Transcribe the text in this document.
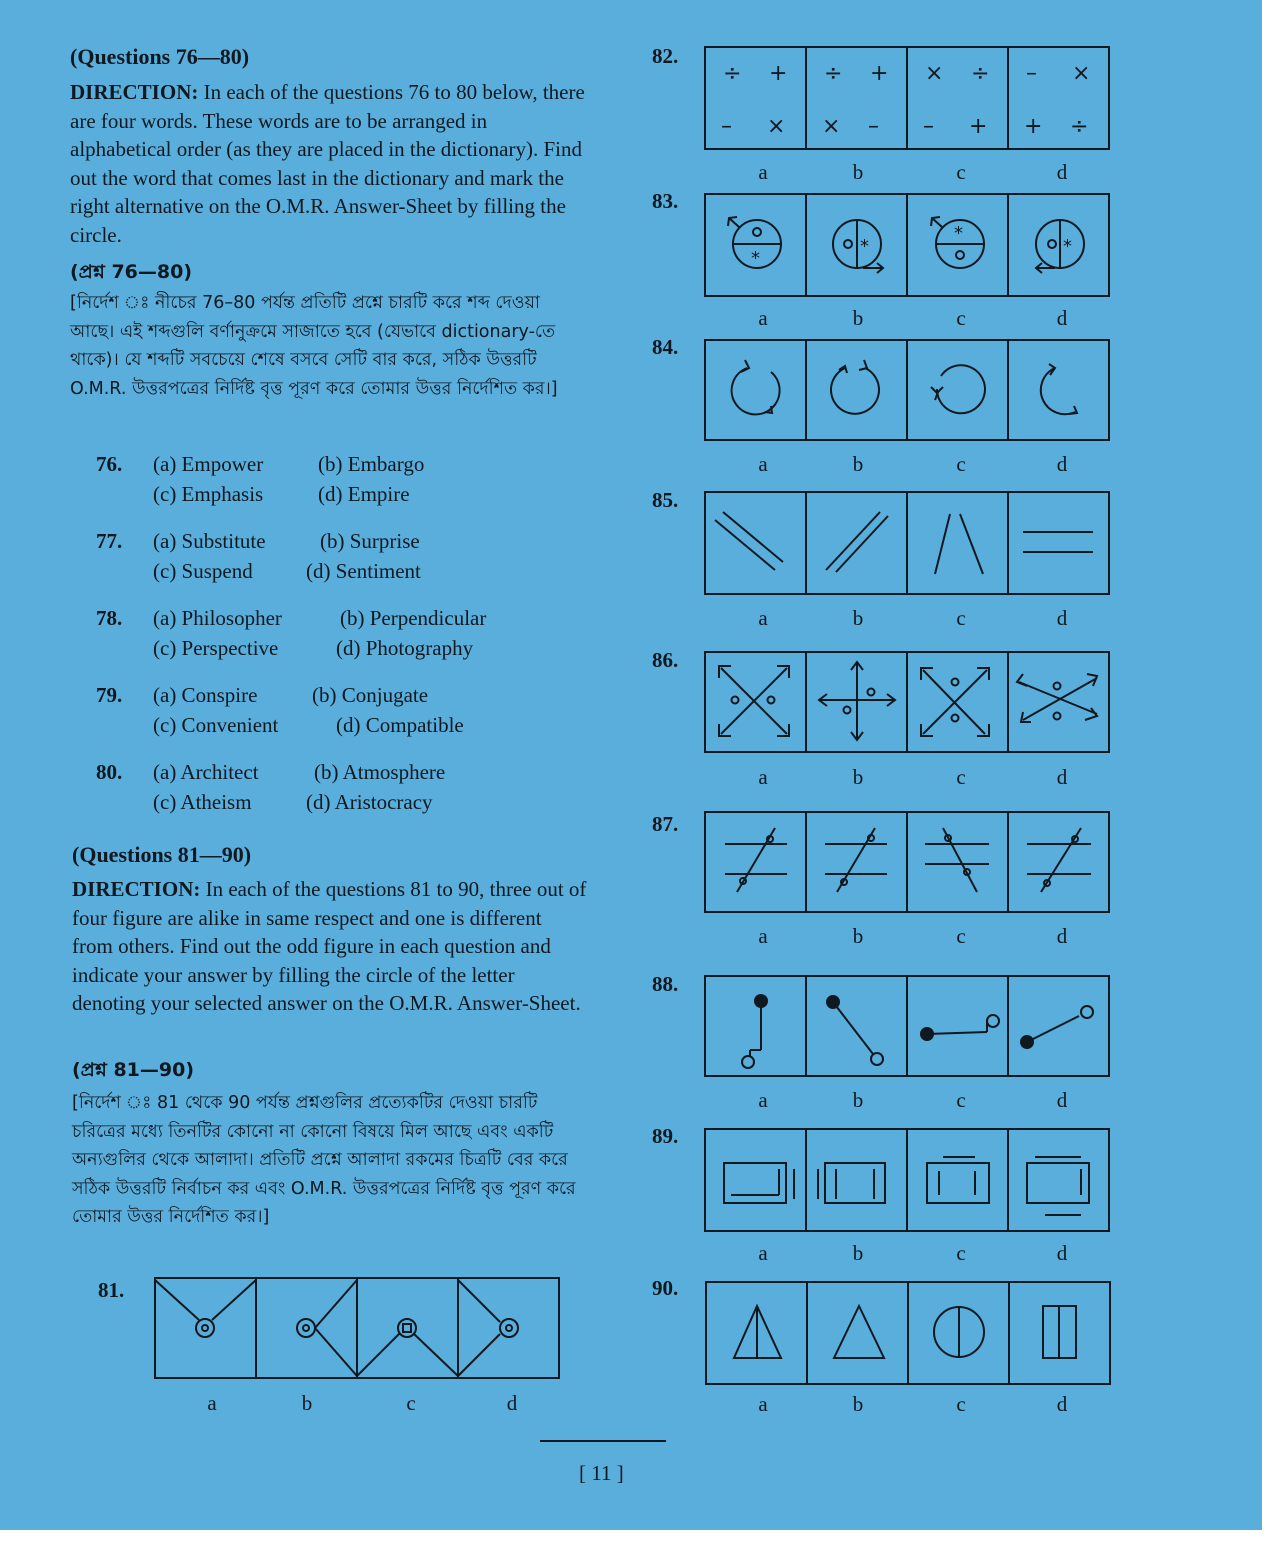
(Questions 76—80)

DIRECTION: In each of the questions 76 to 80 below, there are four words. These words are to be arranged in alphabetical order (as they are placed in the dictionary). Find out the word that comes last in the dictionary and mark the right alternative on the O.M.R. Answer-Sheet by filling the circle.

(প্রশ্ন 76—80)

[নির্দেশ ঃ নীচের 76–80 পর্যন্ত প্রতিটি প্রশ্নে চারটি করে শব্দ দেওয়া আছে। এই শব্দগুলি বর্ণানুক্রমে সাজাতে হবে (যেভাবে dictionary-তে থাকে)। যে শব্দটি সবচেয়ে শেষে বসবে সেটি বার করে, সঠিক উত্তরটি O.M.R. উত্তরপত্রের নির্দিষ্ট বৃত্ত পূরণ করে তোমার উত্তর নির্দেশিত কর।]

76. (a) Empower	(b) Embargo
(c) Emphasis	(d) Empire
77. (a) Substitute	(b) Surprise
(c) Suspend	(d) Sentiment
78. (a) Philosopher	(b) Perpendicular
(c) Perspective	(d) Photography
79. (a) Conspire	(b) Conjugate
(c) Convenient	(d) Compatible
80. (a) Architect	(b) Atmosphere
(c) Atheism	(d) Aristocracy

(Questions 81—90)

DIRECTION: In each of the questions 81 to 90, three out of four figure are alike in same respect and one is different from others. Find out the odd figure in each question and indicate your answer by filling the circle of the letter denoting your selected answer on the O.M.R. Answer-Sheet.

(প্রশ্ন 81—90)

[নির্দেশ ঃ 81 থেকে 90 পর্যন্ত প্রশ্নগুলির প্রত্যেকটির দেওয়া চারটি চরিত্রের মধ্যে তিনটির কোনো না কোনো বিষয়ে মিল আছে এবং একটি অন্যগুলির থেকে আলাদা। প্রতিটি প্রশ্নে আলাদা রকমের চিত্রটি বের করে সঠিক উত্তরটি নির্বাচন কর এবং O.M.R. উত্তরপত্রের নির্দিষ্ট বৃত্ত পূরণ করে তোমার উত্তর নির্দেশিত কর।]

81.
a	b	c	d
82.
÷ +
– ×
÷ +
× –
× ÷
– +
– ×
+ ÷
83.
*
*
*
*
84.
85.
86.
87.
88.
89.
90.
a	b	c	d
a	b	c	d
a	b	c	d
a	b	c	d
a	b	c	d
a	b	c	d
a	b	c	d
a	b	c	d
a	b	c	d
[ 11 ]
